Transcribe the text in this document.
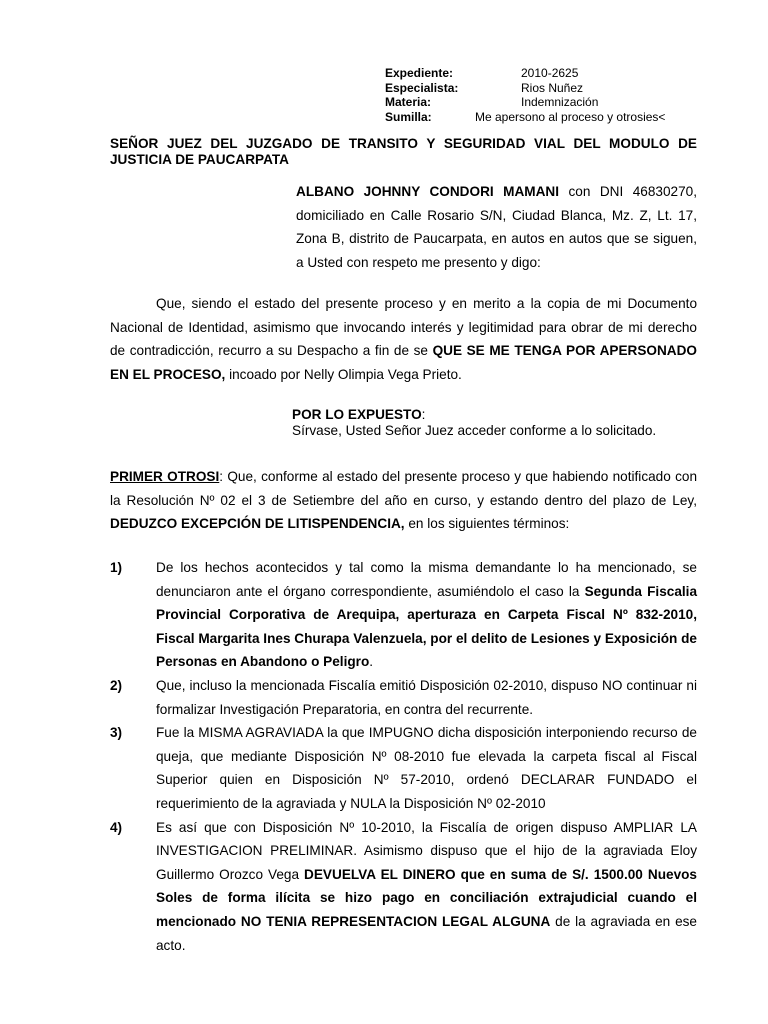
Expediente:	2010-2625
Especialista:	Rios Nuñez
Materia:	Indemnización
Sumilla:	Me apersono al proceso y otrosies<
SEÑOR JUEZ DEL JUZGADO DE TRANSITO Y SEGURIDAD VIAL DEL MODULO DE JUSTICIA DE PAUCARPATA

ALBANO JOHNNY CONDORI MAMANI con DNI 46830270, domiciliado en Calle Rosario S/N, Ciudad Blanca, Mz. Z, Lt. 17, Zona B, distrito de Paucarpata, en autos en autos que se siguen, a Usted con respeto me presento y digo:

Que, siendo el estado del presente proceso y en merito a la copia de mi Documento Nacional de Identidad, asimismo que invocando interés y legitimidad para obrar de mi derecho de contradicción, recurro a su Despacho a fin de se QUE SE ME TENGA POR APERSONADO EN EL PROCESO, incoado por Nelly Olimpia Vega Prieto.

POR LO EXPUESTO:
Sírvase, Usted Señor Juez acceder conforme a lo solicitado.

PRIMER OTROSI: Que, conforme al estado del presente proceso y que habiendo notificado con la Resolución Nº 02 el 3 de Setiembre del año en curso, y estando dentro del plazo de Ley, DEDUZCO EXCEPCIÓN DE LITISPENDENCIA, en los siguientes términos:

1) De los hechos acontecidos y tal como la misma demandante lo ha mencionado, se denunciaron ante el órgano correspondiente, asumiéndolo el caso la Segunda Fiscalia Provincial Corporativa de Arequipa, aperturaza en Carpeta Fiscal Nº 832-2010, Fiscal Margarita Ines Churapa Valenzuela, por el delito de Lesiones y Exposición de Personas en Abandono o Peligro.
2) Que, incluso la mencionada Fiscalía emitió Disposición 02-2010, dispuso NO continuar ni formalizar Investigación Preparatoria, en contra del recurrente.
3) Fue la MISMA AGRAVIADA la que IMPUGNO dicha disposición interponiendo recurso de queja, que mediante Disposición Nº 08-2010 fue elevada la carpeta fiscal al Fiscal Superior quien en Disposición Nº 57-2010, ordenó DECLARAR FUNDADO el requerimiento de la agraviada y NULA la Disposición Nº 02-2010
4) Es así que con Disposición Nº 10-2010, la Fiscalía de origen dispuso AMPLIAR LA INVESTIGACION PRELIMINAR. Asimismo dispuso que el hijo de la agraviada Eloy Guillermo Orozco Vega DEVUELVA EL DINERO que en suma de S/. 1500.00 Nuevos Soles de forma ilícita se hizo pago en conciliación extrajudicial cuando el mencionado NO TENIA REPRESENTACION LEGAL ALGUNA de la agraviada en ese acto.
